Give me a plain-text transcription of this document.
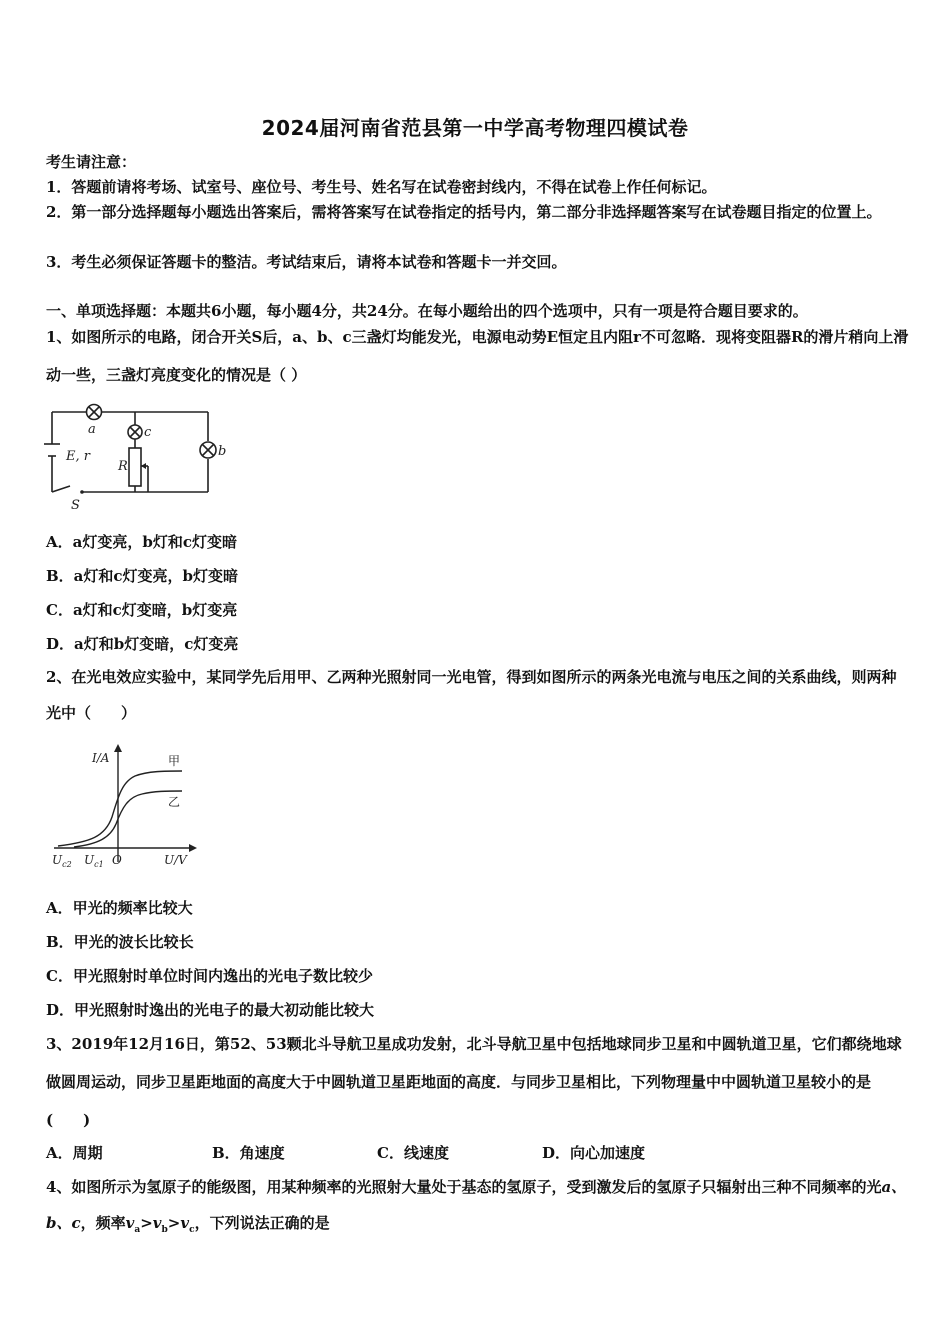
2024届河南省范县第一中学高考物理四模试卷
考生请注意：
1．答题前请将考场、试室号、座位号、考生号、姓名写在试卷密封线内，不得在试卷上作任何标记。
2．第一部分选择题每小题选出答案后，需将答案写在试卷指定的括号内，第二部分非选择题答案写在试卷题目指定的位置上。
3．考生必须保证答题卡的整洁。考试结束后，请将本试卷和答题卡一并交回。
一、单项选择题：本题共6小题，每小题4分，共24分。在每小题给出的四个选项中，只有一项是符合题目要求的。
1、如图所示的电路，闭合开关S后，a、b、c三盏灯均能发光，电源电动势E恒定且内阻r不可忽略．现将变阻器R的滑片稍向上滑动一些，三盏灯亮度变化的情况是（ ）
a	c
b
E, r
R
S
A．a灯变亮，b灯和c灯变暗
B．a灯和c灯变亮，b灯变暗
C．a灯和c灯变暗，b灯变亮
D．a灯和b灯变暗，c灯变亮
2、在光电效应实验中，某同学先后用甲、乙两种光照射同一光电管，得到如图所示的两条光电流与电压之间的关系曲线，则两种光中（　　）
I/A	甲
乙
$U_{c2}$ $U_{c1}$ O	U/V
A．甲光的频率比较大
B．甲光的波长比较长
C．甲光照射时单位时间内逸出的光电子数比较少
D．甲光照射时逸出的光电子的最大初动能比较大
3、2019年12月16日，第52、53颗北斗导航卫星成功发射，北斗导航卫星中包括地球同步卫星和中圆轨道卫星，它们都绕地球做圆周运动，同步卫星距地面的高度大于中圆轨道卫星距地面的高度．与同步卫星相比，下列物理量中中圆轨道卫星较小的是(　　)
A．周期	B．角速度	C．线速度	D．向心加速度
4、如图所示为氢原子的能级图，用某种频率的光照射大量处于基态的氢原子，受到激发后的氢原子只辐射出三种不同频率的光a、b、c，频率$v_a>v_b>v_c$，下列说法正确的是
